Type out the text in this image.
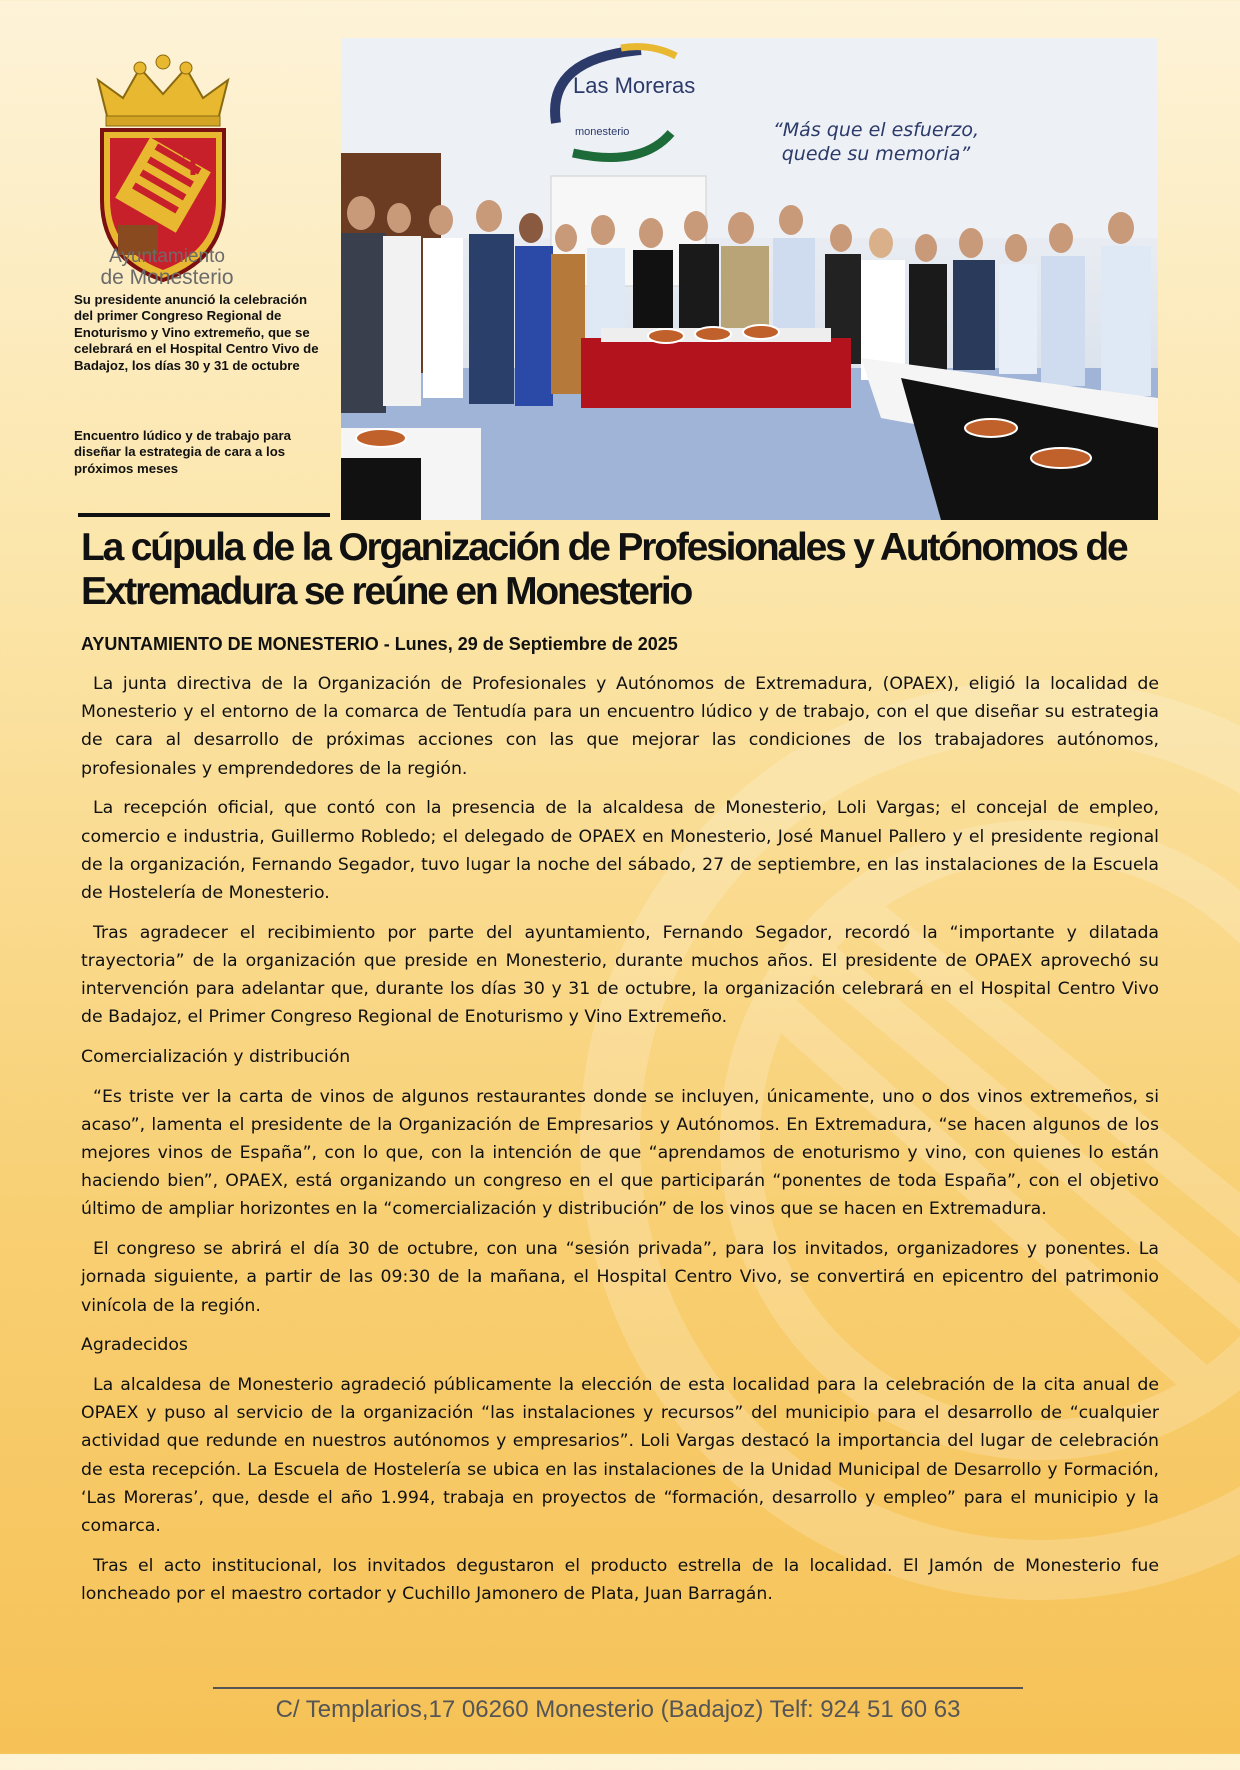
Ayuntamiento
de Monesterio
Su presidente anunció la celebración del primer Congreso Regional de Enoturismo y Vino extremeño, que se celebrará en el Hospital Centro Vivo de Badajoz, los días 30 y 31 de octubre
Encuentro lúdico y de trabajo para diseñar la estrategia de cara a los próximos meses
Las Moreras
monesterio	“Más que el esfuerzo,
quede su memoria”
La cúpula de la Organización de Profesionales y Autónomos de Extremadura se reúne en Monesterio
AYUNTAMIENTO DE MONESTERIO - Lunes, 29 de Septiembre de 2025

La junta directiva de la Organización de Profesionales y Autónomos de Extremadura, (OPAEX), eligió la localidad de Monesterio y el entorno de la comarca de Tentudía para un encuentro lúdico y de trabajo, con el que diseñar su estrategia de cara al desarrollo de próximas acciones con las que mejorar las condiciones de los trabajadores autónomos, profesionales y emprendedores de la región.

La recepción oficial, que contó con la presencia de la alcaldesa de Monesterio, Loli Vargas; el concejal de empleo, comercio e industria, Guillermo Robledo; el delegado de OPAEX en Monesterio, José Manuel Pallero y el presidente regional de la organización, Fernando Segador, tuvo lugar la noche del sábado, 27 de septiembre, en las instalaciones de la Escuela de Hostelería de Monesterio.

Tras agradecer el recibimiento por parte del ayuntamiento, Fernando Segador, recordó la “importante y dilatada trayectoria” de la organización que preside en Monesterio, durante muchos años. El presidente de OPAEX aprovechó su intervención para adelantar que, durante los días 30 y 31 de octubre, la organización celebrará en el Hospital Centro Vivo de Badajoz, el Primer Congreso Regional de Enoturismo y Vino Extremeño.

Comercialización y distribución

“Es triste ver la carta de vinos de algunos restaurantes donde se incluyen, únicamente, uno o dos vinos extremeños, si acaso”, lamenta el presidente de la Organización de Empresarios y Autónomos. En Extremadura, “se hacen algunos de los mejores vinos de España”, con lo que, con la intención de que “aprendamos de enoturismo y vino, con quienes lo están haciendo bien”, OPAEX, está organizando un congreso en el que participarán “ponentes de toda España”, con el objetivo último de ampliar horizontes en la “comercialización y distribución” de los vinos que se hacen en Extremadura.

El congreso se abrirá el día 30 de octubre, con una “sesión privada”, para los invitados, organizadores y ponentes. La jornada siguiente, a partir de las 09:30 de la mañana, el Hospital Centro Vivo, se convertirá en epicentro del patrimonio vinícola de la región.

Agradecidos

La alcaldesa de Monesterio agradeció públicamente la elección de esta localidad para la celebración de la cita anual de OPAEX y puso al servicio de la organización “las instalaciones y recursos” del municipio para el desarrollo de “cualquier actividad que redunde en nuestros autónomos y empresarios”. Loli Vargas destacó la importancia del lugar de celebración de esta recepción. La Escuela de Hostelería se ubica en las instalaciones de la Unidad Municipal de Desarrollo y Formación, ‘Las Moreras’, que, desde el año 1.994, trabaja en proyectos de “formación, desarrollo y empleo” para el municipio y la comarca.

Tras el acto institucional, los invitados degustaron el producto estrella de la localidad. El Jamón de Monesterio fue loncheado por el maestro cortador y Cuchillo Jamonero de Plata, Juan Barragán.

C/ Templarios,17 06260 Monesterio (Badajoz) Telf: 924 51 60 63
